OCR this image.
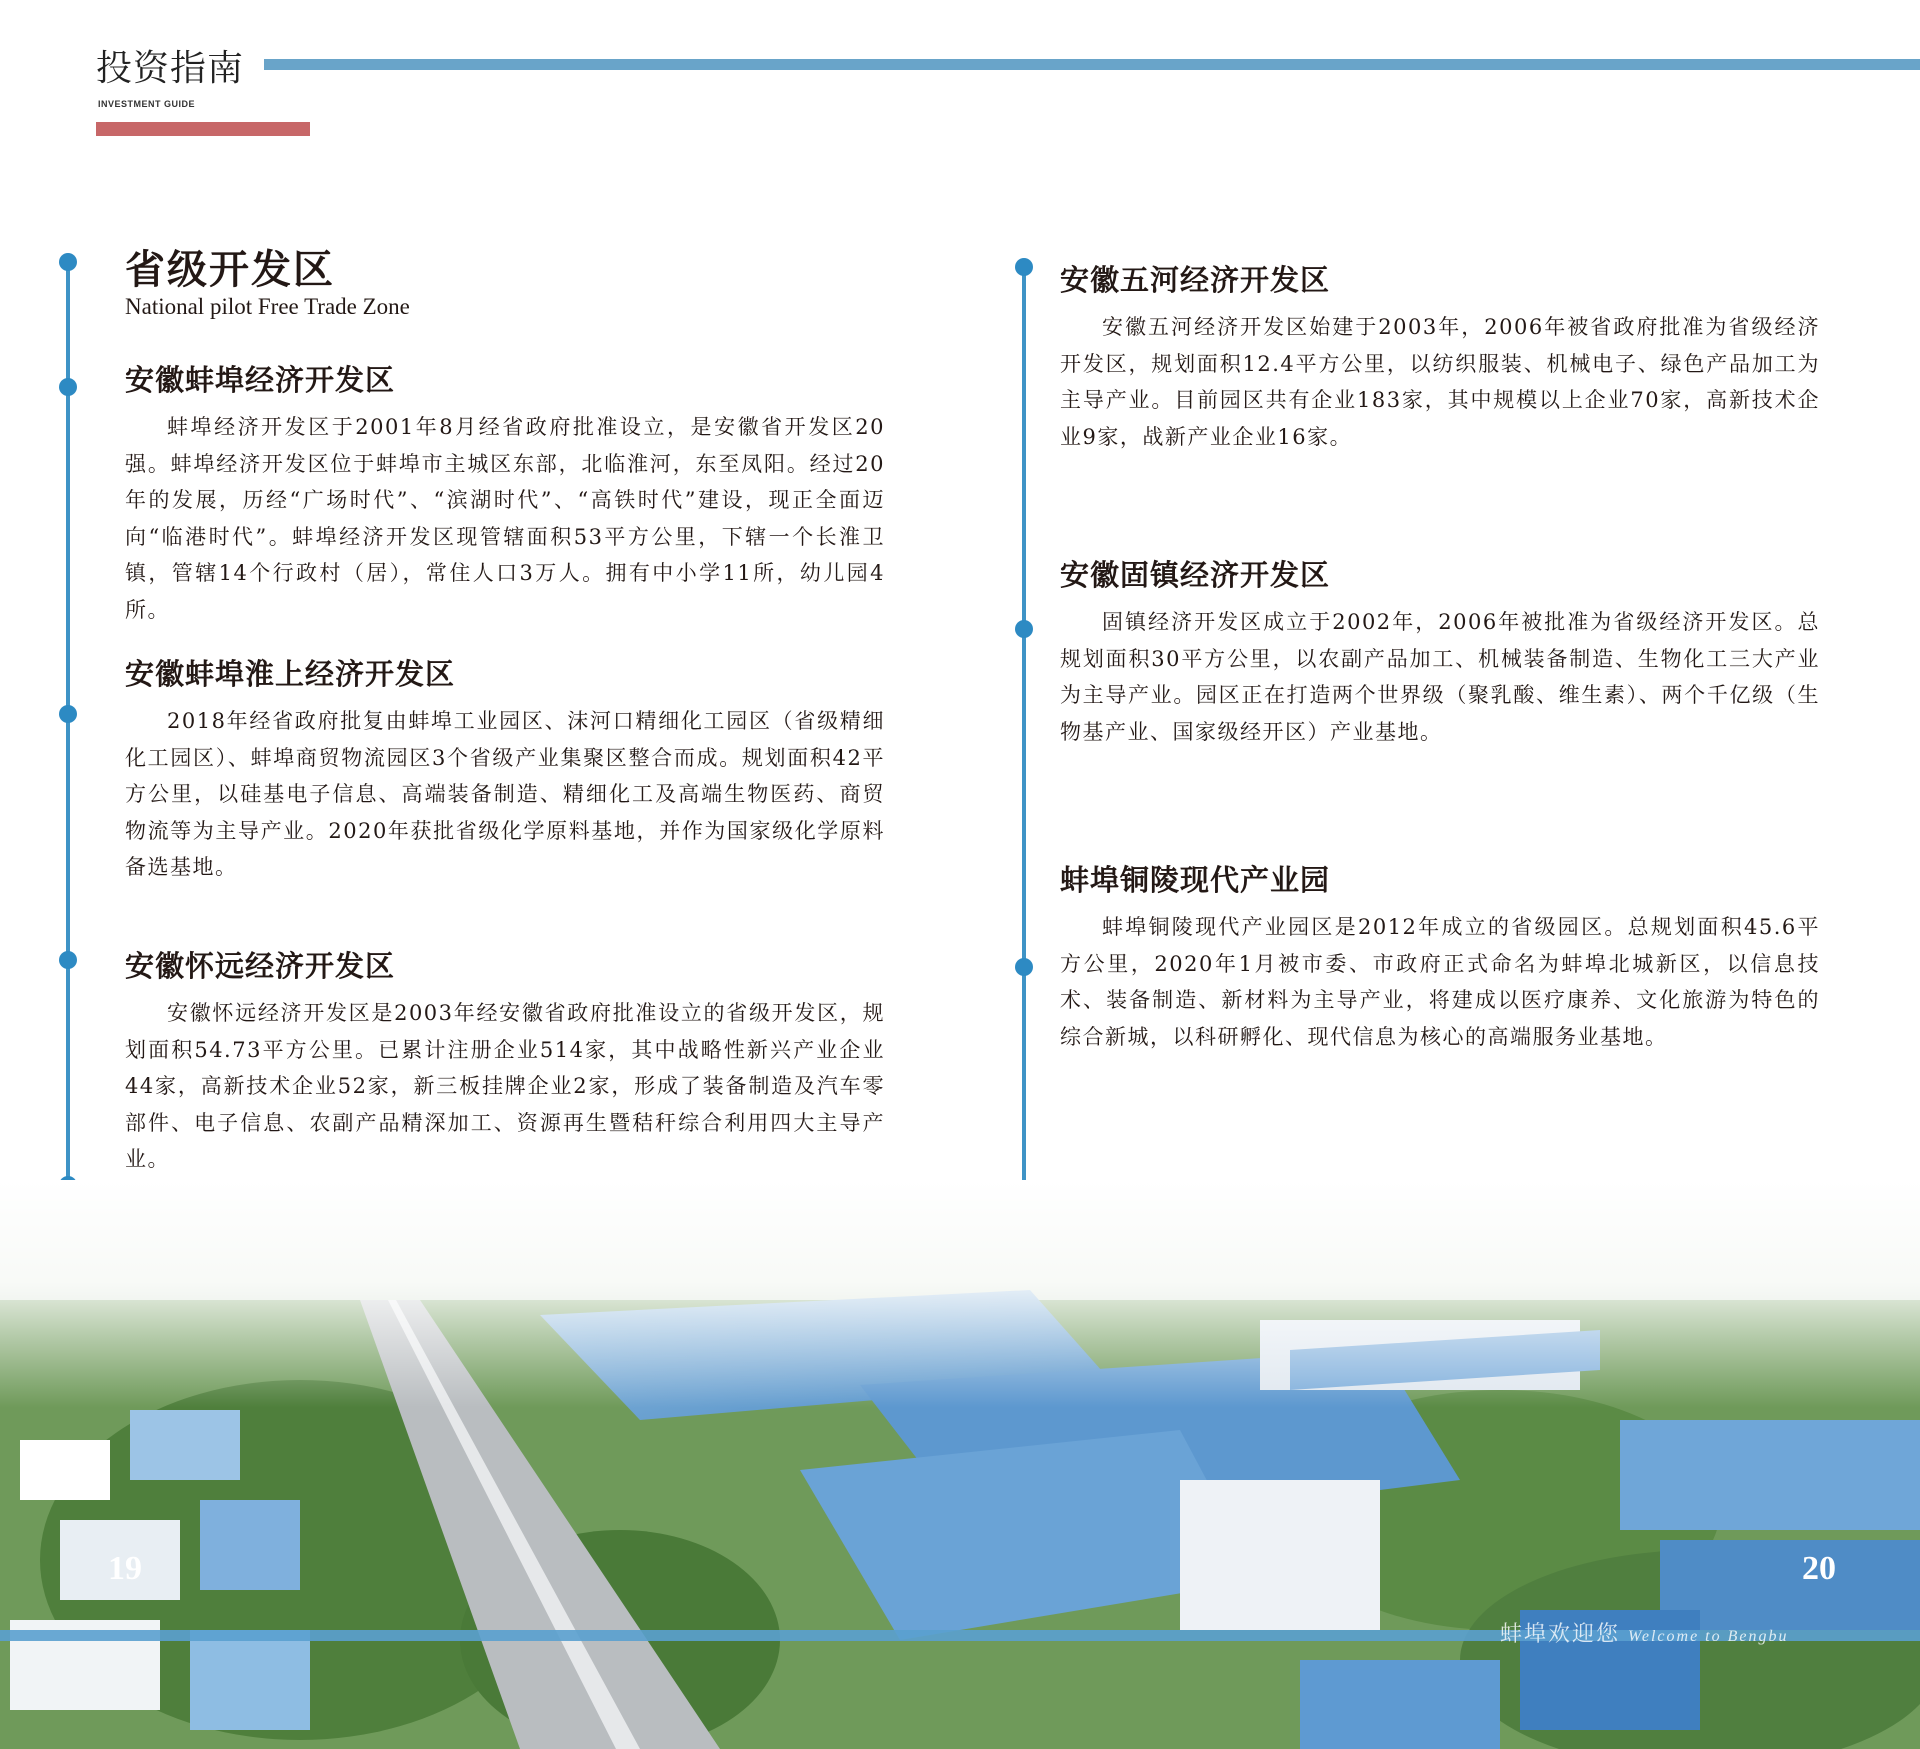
投资指南
INVESTMENT GUIDE
省级开发区
National pilot Free Trade Zone
安徽蚌埠经济开发区
蚌埠经济开发区于2001年8月经省政府批准设立，是安徽省开发区20强。蚌埠经济开发区位于蚌埠市主城区东部，北临淮河，东至凤阳。经过20年的发展，历经“广场时代”、“滨湖时代”、“高铁时代”建设，现正全面迈向“临港时代”。蚌埠经济开发区现管辖面积53平方公里，下辖一个长淮卫镇，管辖14个行政村（居），常住人口3万人。拥有中小学11所，幼儿园4所。
安徽蚌埠淮上经济开发区
2018年经省政府批复由蚌埠工业园区、沫河口精细化工园区（省级精细化工园区）、蚌埠商贸物流园区3个省级产业集聚区整合而成。规划面积42平方公里，以硅基电子信息、高端装备制造、精细化工及高端生物医药、商贸物流等为主导产业。2020年获批省级化学原料基地，并作为国家级化学原料备选基地。
安徽怀远经济开发区
安徽怀远经济开发区是2003年经安徽省政府批准设立的省级开发区，规划面积54.73平方公里。已累计注册企业514家，其中战略性新兴产业企业44家，高新技术企业52家，新三板挂牌企业2家，形成了装备制造及汽车零部件、电子信息、农副产品精深加工、资源再生暨秸秆综合利用四大主导产业。
安徽五河经济开发区
安徽五河经济开发区始建于2003年，2006年被省政府批准为省级经济开发区，规划面积12.4平方公里，以纺织服装、机械电子、绿色产品加工为主导产业。目前园区共有企业183家，其中规模以上企业70家，高新技术企业9家，战新产业企业16家。
安徽固镇经济开发区
固镇经济开发区成立于2002年，2006年被批准为省级经济开发区。总规划面积30平方公里，以农副产品加工、机械装备制造、生物化工三大产业为主导产业。园区正在打造两个世界级（聚乳酸、维生素）、两个千亿级（生物基产业、国家级经开区）产业基地。
蚌埠铜陵现代产业园
蚌埠铜陵现代产业园区是2012年成立的省级园区。总规划面积45.6平方公里，2020年1月被市委、市政府正式命名为蚌埠北城新区，以信息技术、装备制造、新材料为主导产业，将建成以医疗康养、文化旅游为特色的综合新城，以科研孵化、现代信息为核心的高端服务业基地。
19	20
蚌埠欢迎您 Welcome to Bengbu
